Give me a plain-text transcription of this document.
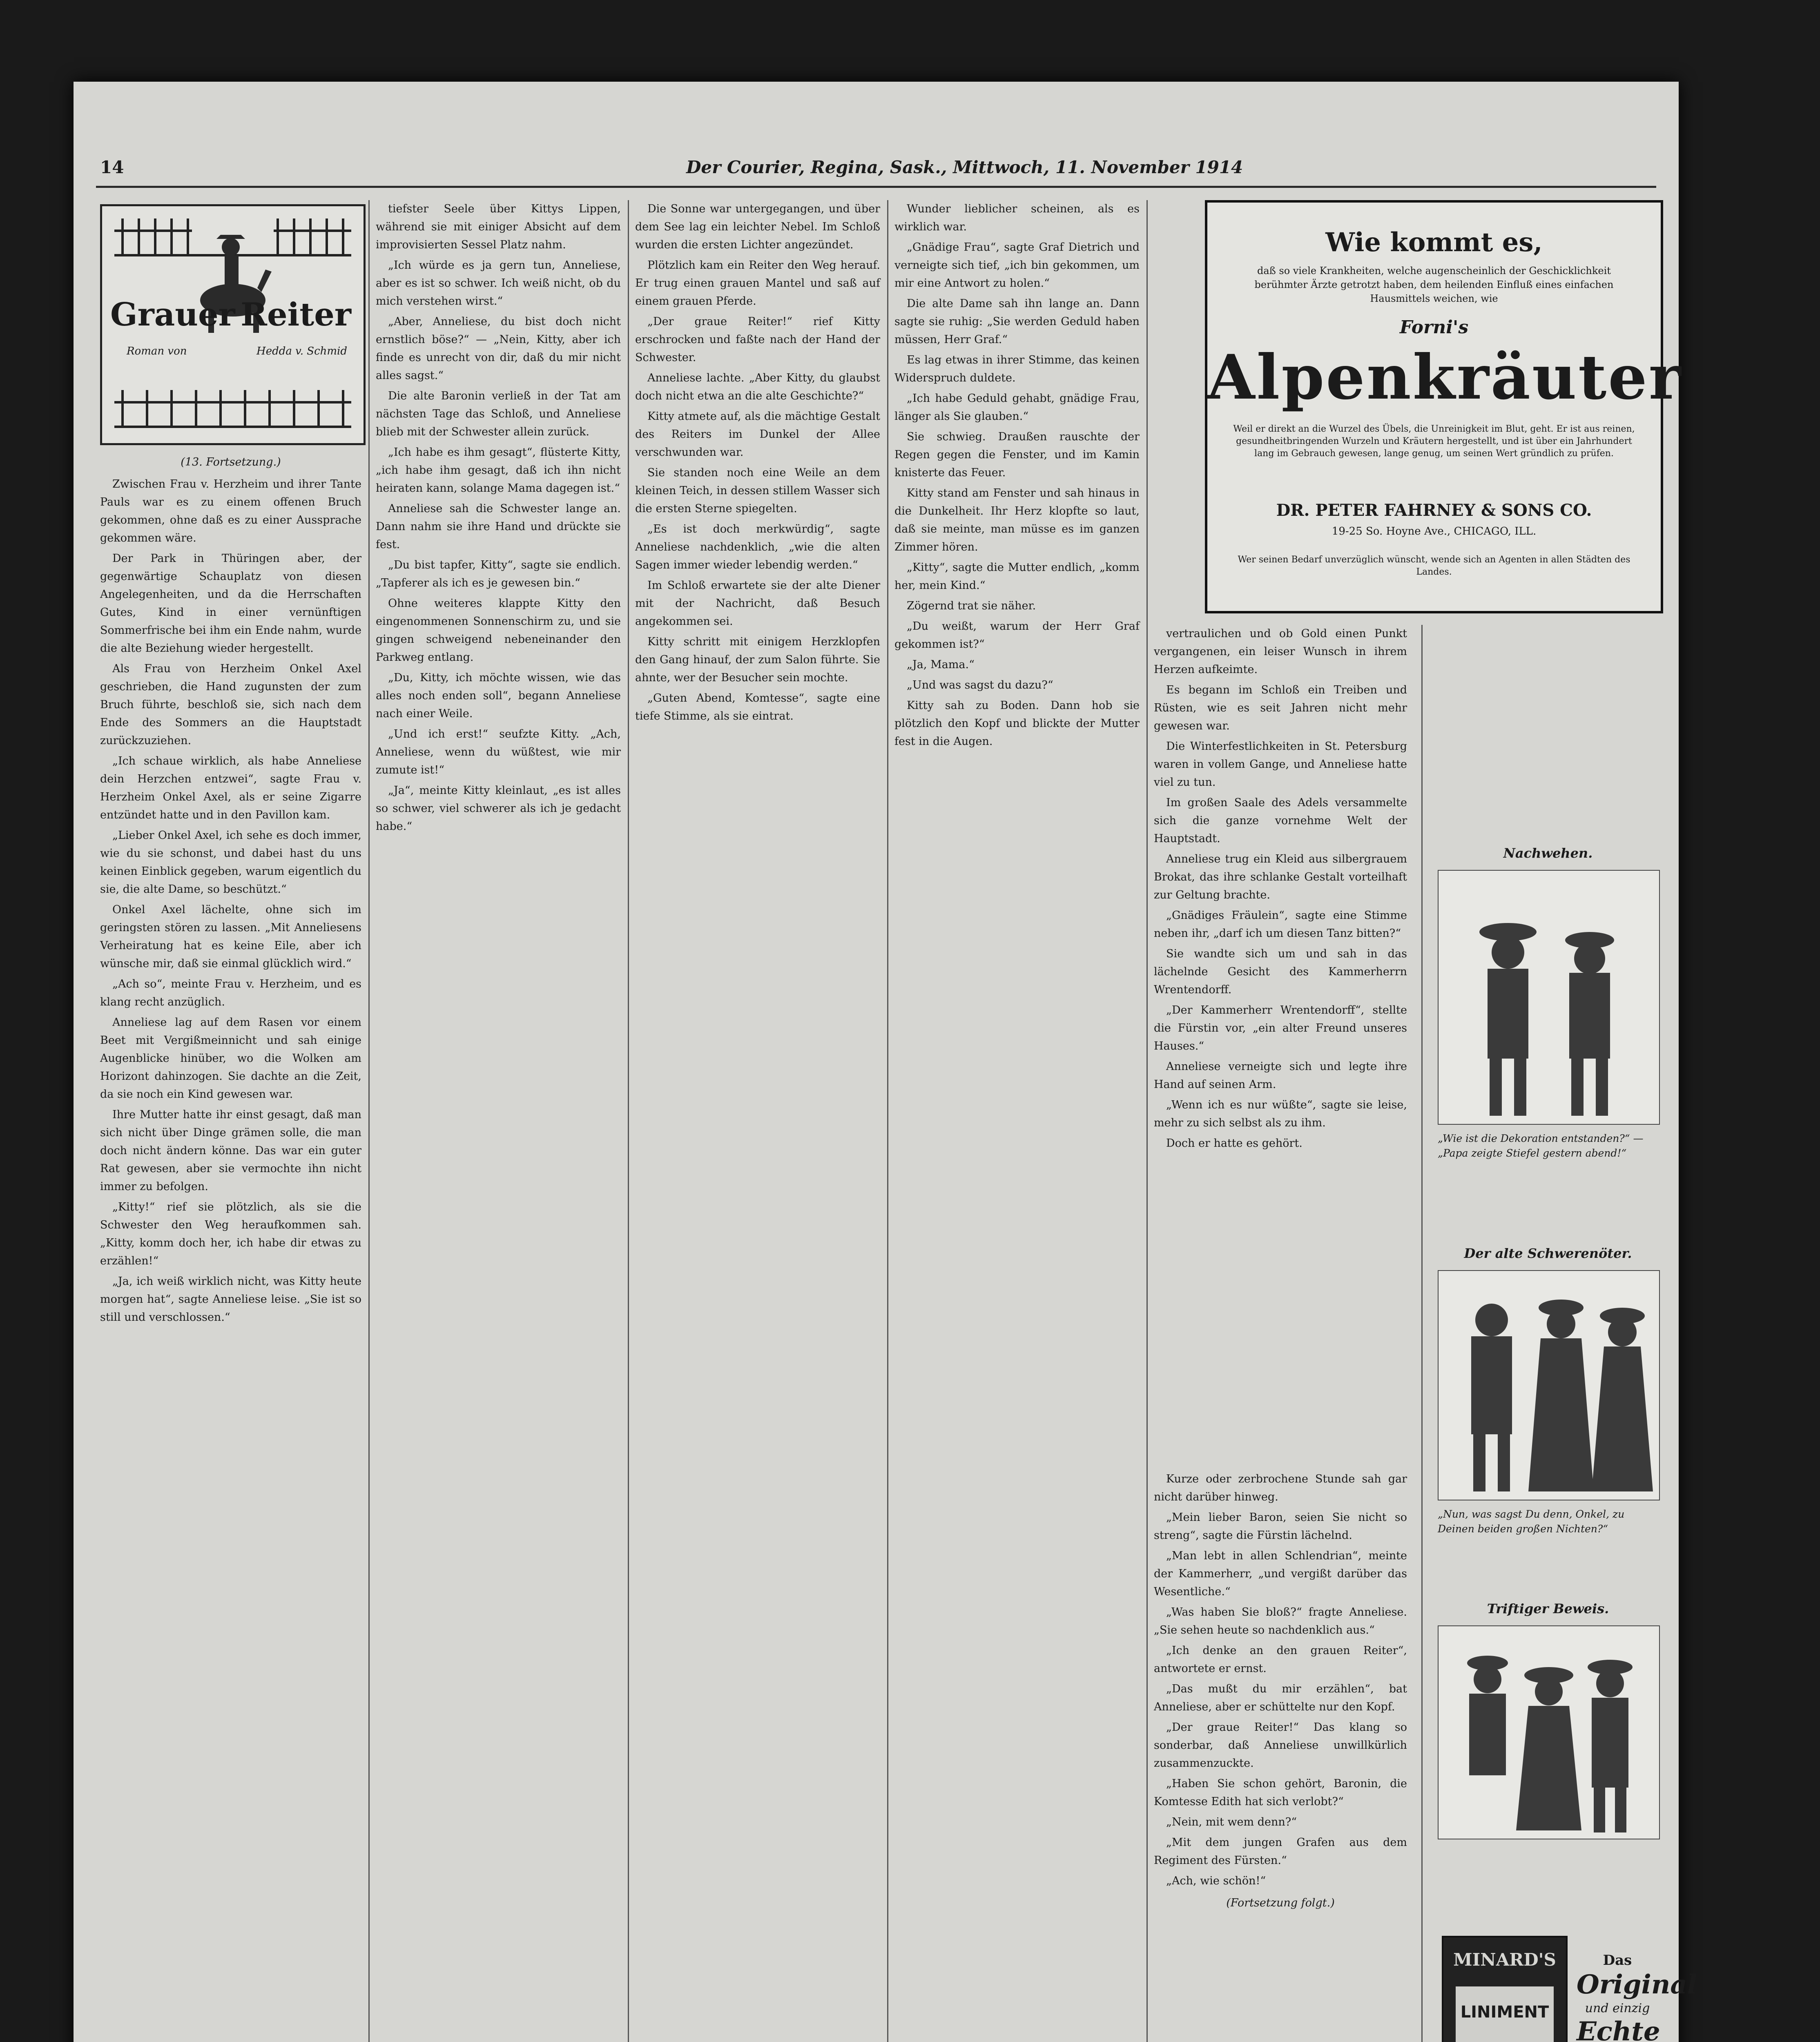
14	Der Courier, Regina, Sask., Mittwoch, 11. November 1914
Grauer Reiter
Roman von	Hedda v. Schmid
(13. Fortsetzung.)

Zwischen Frau v. Herzheim und ihrer Tante Pauls war es zu einem offenen Bruch gekommen, ohne daß es zu einer Aussprache gekommen wäre.

Der Park in Thüringen aber, der gegenwärtige Schauplatz von diesen Angelegenheiten, und da die Herrschaften Gutes, Kind in einer vernünftigen Sommerfrische bei ihm ein Ende nahm, wurde die alte Beziehung wieder hergestellt.

Als Frau von Herzheim Onkel Axel geschrieben, die Hand zugunsten der zum Bruch führte, beschloß sie, sich nach dem Ende des Sommers an die Hauptstadt zurückzuziehen.

„Ich schaue wirklich, als habe Anneliese dein Herzchen entzwei“, sagte Frau v. Herzheim Onkel Axel, als er seine Zigarre entzündet hatte und in den Pavillon kam.

„Lieber Onkel Axel, ich sehe es doch immer, wie du sie schonst, und dabei hast du uns keinen Einblick gegeben, warum eigentlich du sie, die alte Dame, so beschützt.“

Onkel Axel lächelte, ohne sich im geringsten stören zu lassen. „Mit Anneliesens Verheiratung hat es keine Eile, aber ich wünsche mir, daß sie einmal glücklich wird.“

„Ach so“, meinte Frau v. Herzheim, und es klang recht anzüglich.

Anneliese lag auf dem Rasen vor einem Beet mit Vergißmeinnicht und sah einige Augenblicke hinüber, wo die Wolken am Horizont dahinzogen. Sie dachte an die Zeit, da sie noch ein Kind gewesen war.

Ihre Mutter hatte ihr einst gesagt, daß man sich nicht über Dinge grämen solle, die man doch nicht ändern könne. Das war ein guter Rat gewesen, aber sie vermochte ihn nicht immer zu befolgen.

„Kitty!“ rief sie plötzlich, als sie die Schwester den Weg heraufkommen sah. „Kitty, komm doch her, ich habe dir etwas zu erzählen!“

„Ja, ich weiß wirklich nicht, was Kitty heute morgen hat“, sagte Anneliese leise. „Sie ist so still und verschlossen.“

tiefster Seele über Kittys Lippen, während sie mit einiger Absicht auf dem improvisierten Sessel Platz nahm.

„Ich würde es ja gern tun, Anneliese, aber es ist so schwer. Ich weiß nicht, ob du mich verstehen wirst.“

„Aber, Anneliese, du bist doch nicht ernstlich böse?“ — „Nein, Kitty, aber ich finde es unrecht von dir, daß du mir nicht alles sagst.“

Die alte Baronin verließ in der Tat am nächsten Tage das Schloß, und Anneliese blieb mit der Schwester allein zurück.

„Ich habe es ihm gesagt“, flüsterte Kitty, „ich habe ihm gesagt, daß ich ihn nicht heiraten kann, solange Mama dagegen ist.“

Anneliese sah die Schwester lange an. Dann nahm sie ihre Hand und drückte sie fest.

„Du bist tapfer, Kitty“, sagte sie endlich. „Tapferer als ich es je gewesen bin.“

Ohne weiteres klappte Kitty den eingenommenen Sonnenschirm zu, und sie gingen schweigend nebeneinander den Parkweg entlang.

„Du, Kitty, ich möchte wissen, wie das alles noch enden soll“, begann Anneliese nach einer Weile.

„Und ich erst!“ seufzte Kitty. „Ach, Anneliese, wenn du wüßtest, wie mir zumute ist!“

„Ja“, meinte Kitty kleinlaut, „es ist alles so schwer, viel schwerer als ich je gedacht habe.“

Die Sonne war untergegangen, und über dem See lag ein leichter Nebel. Im Schloß wurden die ersten Lichter angezündet.

Plötzlich kam ein Reiter den Weg herauf. Er trug einen grauen Mantel und saß auf einem grauen Pferde.

„Der graue Reiter!“ rief Kitty erschrocken und faßte nach der Hand der Schwester.

Anneliese lachte. „Aber Kitty, du glaubst doch nicht etwa an die alte Geschichte?“

Kitty atmete auf, als die mächtige Gestalt des Reiters im Dunkel der Allee verschwunden war.

Sie standen noch eine Weile an dem kleinen Teich, in dessen stillem Wasser sich die ersten Sterne spiegelten.

„Es ist doch merkwürdig“, sagte Anneliese nachdenklich, „wie die alten Sagen immer wieder lebendig werden.“

Im Schloß erwartete sie der alte Diener mit der Nachricht, daß Besuch angekommen sei.

Kitty schritt mit einigem Herzklopfen den Gang hinauf, der zum Salon führte. Sie ahnte, wer der Besucher sein mochte.

„Guten Abend, Komtesse“, sagte eine tiefe Stimme, als sie eintrat.

Wunder lieblicher scheinen, als es wirklich war.

„Gnädige Frau“, sagte Graf Dietrich und verneigte sich tief, „ich bin gekommen, um mir eine Antwort zu holen.“

Die alte Dame sah ihn lange an. Dann sagte sie ruhig: „Sie werden Geduld haben müssen, Herr Graf.“

Es lag etwas in ihrer Stimme, das keinen Widerspruch duldete.

„Ich habe Geduld gehabt, gnädige Frau, länger als Sie glauben.“

Sie schwieg. Draußen rauschte der Regen gegen die Fenster, und im Kamin knisterte das Feuer.

Kitty stand am Fenster und sah hinaus in die Dunkelheit. Ihr Herz klopfte so laut, daß sie meinte, man müsse es im ganzen Zimmer hören.

„Kitty“, sagte die Mutter endlich, „komm her, mein Kind.“

Zögernd trat sie näher.

„Du weißt, warum der Herr Graf gekommen ist?“

„Ja, Mama.“

„Und was sagst du dazu?“

Kitty sah zu Boden. Dann hob sie plötzlich den Kopf und blickte der Mutter fest in die Augen.

Wie kommt es,
daß so viele Krankheiten, welche augenscheinlich der Geschicklichkeit berühmter Ärzte getrotzt haben, dem heilenden Einfluß eines einfachen Hausmittels weichen, wie
Forni's
Alpenkräuter
Weil er direkt an die Wurzel des Übels, die Unreinigkeit im Blut, geht. Er ist aus reinen, gesundheitbringenden Wurzeln und Kräutern hergestellt, und ist über ein Jahrhundert lang im Gebrauch gewesen, lange genug, um seinen Wert gründlich zu prüfen.
DR. PETER FAHRNEY & SONS CO.
19-25 So. Hoyne Ave., CHICAGO, ILL.
Wer seinen Bedarf unverzüglich wünscht, wende sich an Agenten in allen Städten des Landes.

vertraulichen und ob Gold einen Punkt vergangenen, ein leiser Wunsch in ihrem Herzen aufkeimte.

Es begann im Schloß ein Treiben und Rüsten, wie es seit Jahren nicht mehr gewesen war.

Die Winterfestlichkeiten in St. Petersburg waren in vollem Gange, und Anneliese hatte viel zu tun.

Im großen Saale des Adels versammelte sich die ganze vornehme Welt der Hauptstadt.

Anneliese trug ein Kleid aus silbergrauem Brokat, das ihre schlanke Gestalt vorteilhaft zur Geltung brachte.

„Gnädiges Fräulein“, sagte eine Stimme neben ihr, „darf ich um diesen Tanz bitten?“

Sie wandte sich um und sah in das lächelnde Gesicht des Kammerherrn Wrentendorff.

„Der Kammerherr Wrentendorff“, stellte die Fürstin vor, „ein alter Freund unseres Hauses.“

Anneliese verneigte sich und legte ihre Hand auf seinen Arm.

„Wenn ich es nur wüßte“, sagte sie leise, mehr zu sich selbst als zu ihm.

Doch er hatte es gehört.

Kurze oder zerbrochene Stunde sah gar nicht darüber hinweg.

„Mein lieber Baron, seien Sie nicht so streng“, sagte die Fürstin lächelnd.

„Man lebt in allen Schlendrian“, meinte der Kammerherr, „und vergißt darüber das Wesentliche.“

„Was haben Sie bloß?“ fragte Anneliese. „Sie sehen heute so nachdenklich aus.“

„Ich denke an den grauen Reiter“, antwortete er ernst.

„Das mußt du mir erzählen“, bat Anneliese, aber er schüttelte nur den Kopf.

„Der graue Reiter!“ Das klang so sonderbar, daß Anneliese unwillkürlich zusammenzuckte.

„Haben Sie schon gehört, Baronin, die Komtesse Edith hat sich verlobt?“

„Nein, mit wem denn?“

„Mit dem jungen Grafen aus dem Regiment des Fürsten.“

„Ach, wie schön!“

(Fortsetzung folgt.)
Nachwehen.
„Wie ist die Dekoration entstanden?“ — „Papa zeigte Stiefel gestern abend!“
Der alte Schwerenöter.
„Nun, was sagst Du denn, Onkel, zu Deinen beiden großen Nichten?“
Triftiger Beweis.
MINARD'S
LINIMENT
Das
Original
und einzig
Echte
